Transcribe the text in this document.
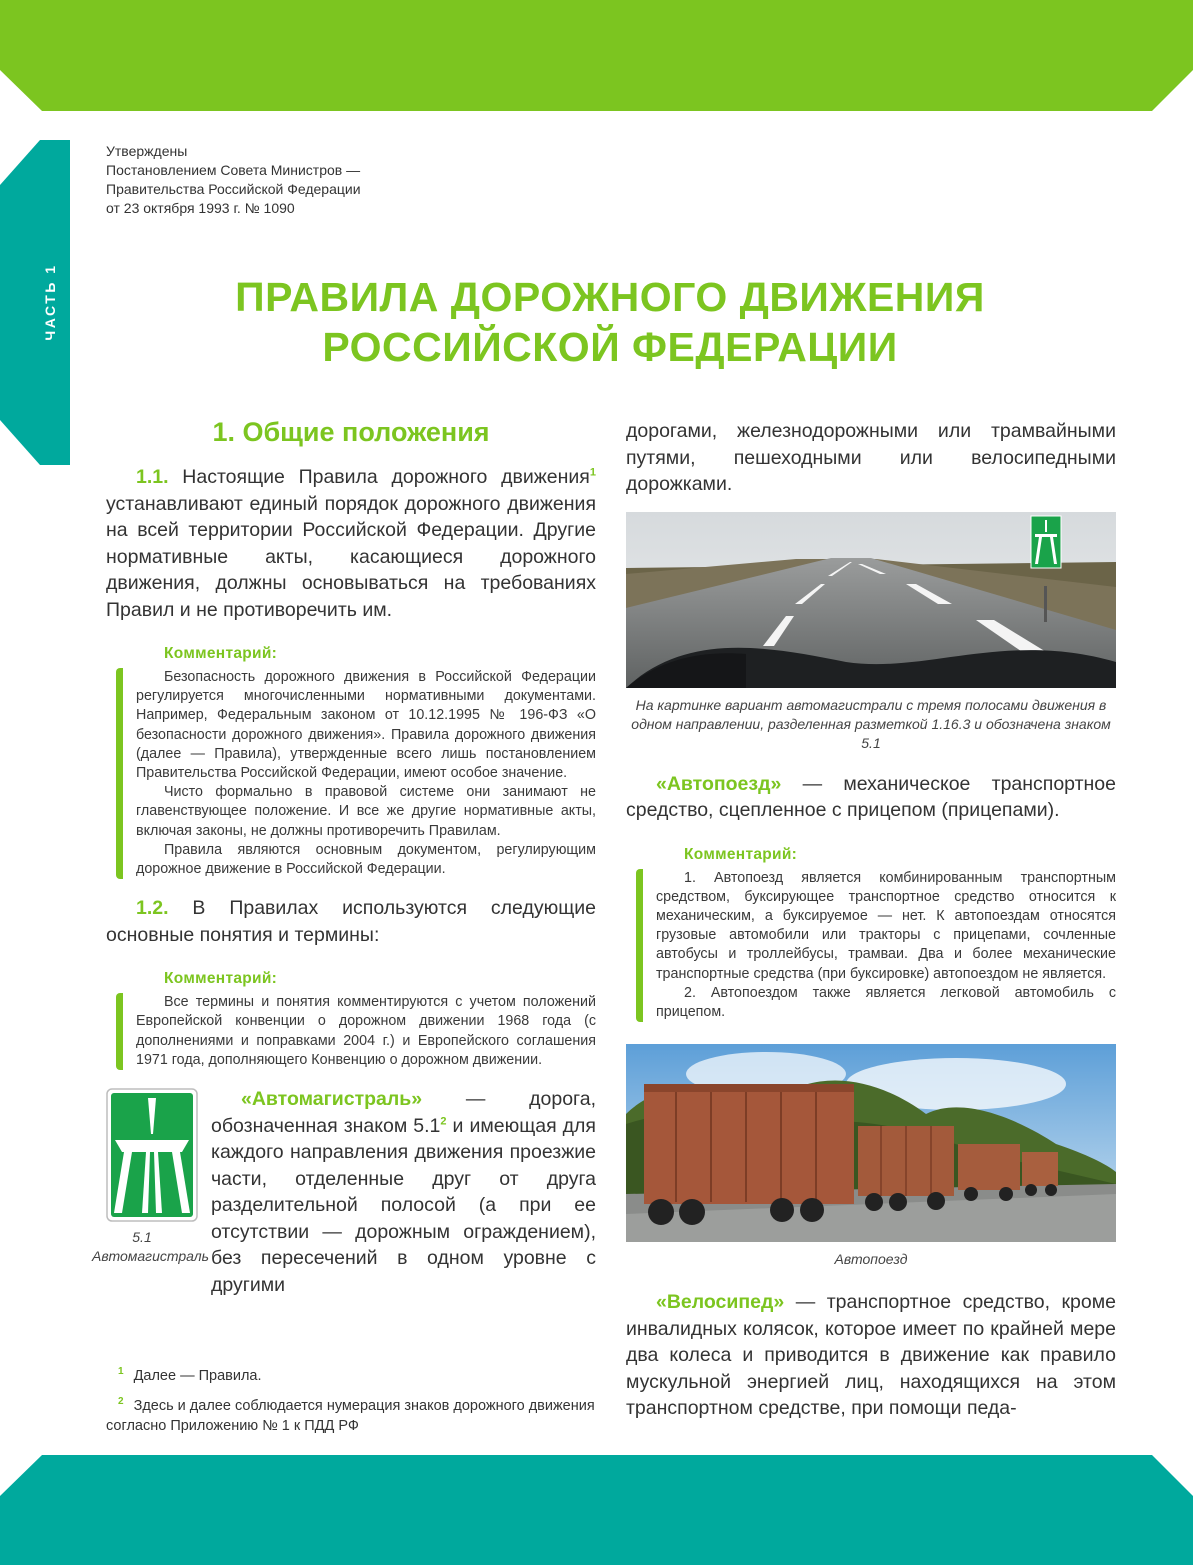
ЧАСТЬ 1
Утверждены
Постановлением Совета Министров —
Правительства Российской Федерации
от 23 октября 1993 г. № 1090
ПРАВИЛА ДОРОЖНОГО ДВИЖЕНИЯ
РОССИЙСКОЙ ФЕДЕРАЦИИ
1. Общие положения

1.1. Настоящие Правила дорожного движения$^1$ устанавливают единый порядок дорожного движения на всей территории Российской Федерации. Другие нормативные акты, касающиеся дорожного движения, должны основываться на требованиях Правил и не противоречить им.

Комментарий:

Безопасность дорожного движения в Российской Федерации регулируется многочисленными нормативными документами. Например, Федеральным законом от 10.12.1995 № 196-ФЗ «О безопасности дорожного движения». Правила дорожного движения (далее — Правила), утвержденные всего лишь постановлением Правительства Российской Федерации, имеют особое значение.

Чисто формально в правовой системе они занимают не главенствующее положение. И все же другие нормативные акты, включая законы, не должны противоречить Правилам.

Правила являются основным документом, регулирующим дорожное движение в Российской Федерации.

1.2. В Правилах используются следующие основные понятия и термины:

Комментарий:

Все термины и понятия комментируются с учетом положений Европейской конвенции о дорожном движении 1968 года (с дополнениями и поправками 2004 г.) и Европейского соглашения 1971 года, дополняющего Конвенцию о дорожном движении.

5.1 Автомагистраль

«Автомагистраль» — дорога, обозначенная знаком 5.1$^2$ и имеющая для каждого направления движения проезжие части, отделенные друг от друга разделительной полосой (а при ее отсутствии — дорожным ограждением), без пересечений в одном уровне с другими

$^1$ Далее — Правила.

$^2$ Здесь и далее соблюдается нумерация знаков дорожного движения согласно Приложению № 1 к ПДД РФ

дорогами, железнодорожными или трамвайными путями, пешеходными или велосипедными дорожками.

На картинке вариант автомагистрали с тремя полосами движения в одном направлении, разделенная разметкой 1.16.3 и обозначена знаком 5.1

«Автопоезд» — механическое транспортное средство, сцепленное с прицепом (прицепами).

Комментарий:

1. Автопоезд является комбинированным транспортным средством, буксирующее транспортное средство относится к механическим, а буксируемое — нет. К автопоездам относятся грузовые автомобили или тракторы с прицепами, сочленные автобусы и троллейбусы, трамваи. Два и более механические транспортные средства (при буксировке) автопоездом не является.

2. Автопоездом также является легковой автомобиль с прицепом.

Автопоезд

«Велосипед» — транспортное средство, кроме инвалидных колясок, которое имеет по крайней мере два колеса и приводится в движение как правило мускульной энергией лиц, находящихся на этом транспортном средстве, при помощи педа-
